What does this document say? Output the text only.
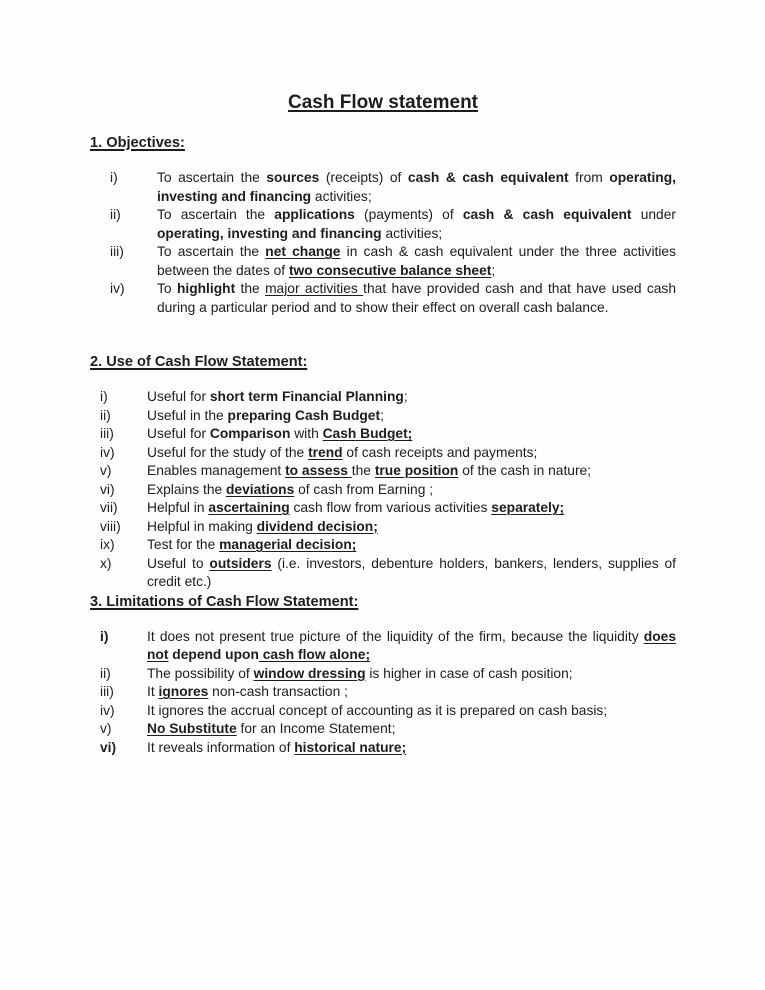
Cash Flow statement
1. Objectives:
i)	To ascertain the sources (receipts) of cash & cash equivalent from operating, investing and financing activities;
ii)	To ascertain the applications (payments) of cash & cash equivalent under operating, investing and financing activities;
iii)	To ascertain the net change in cash & cash equivalent under the three activities between the dates of two consecutive balance sheet;
iv)	To highlight the major activities that have provided cash and that have used cash during a particular period and to show their effect on overall cash balance.
2. Use of Cash Flow Statement:
i)	Useful for short term Financial Planning;
ii)	Useful in the preparing Cash Budget;
iii)	Useful for Comparison with Cash Budget;
iv)	Useful for the study of the trend of cash receipts and payments;
v)	Enables management to assess the true position of the cash in nature;
vi)	Explains the deviations of cash from Earning ;
vii)	Helpful in ascertaining cash flow from various activities separately;
viii)	Helpful in making dividend decision;
ix)	Test for the managerial decision;
x)	Useful to outsiders (i.e. investors, debenture holders, bankers, lenders, supplies of credit etc.)
3. Limitations of Cash Flow Statement:
i)	It does not present true picture of the liquidity of the firm, because the liquidity does not depend upon cash flow alone;
ii)	The possibility of window dressing is higher in case of cash position;
iii)	It ignores non-cash transaction ;
iv)	It ignores the accrual concept of accounting as it is prepared on cash basis;
v)	No Substitute for an Income Statement;
vi)	It reveals information of historical nature;
